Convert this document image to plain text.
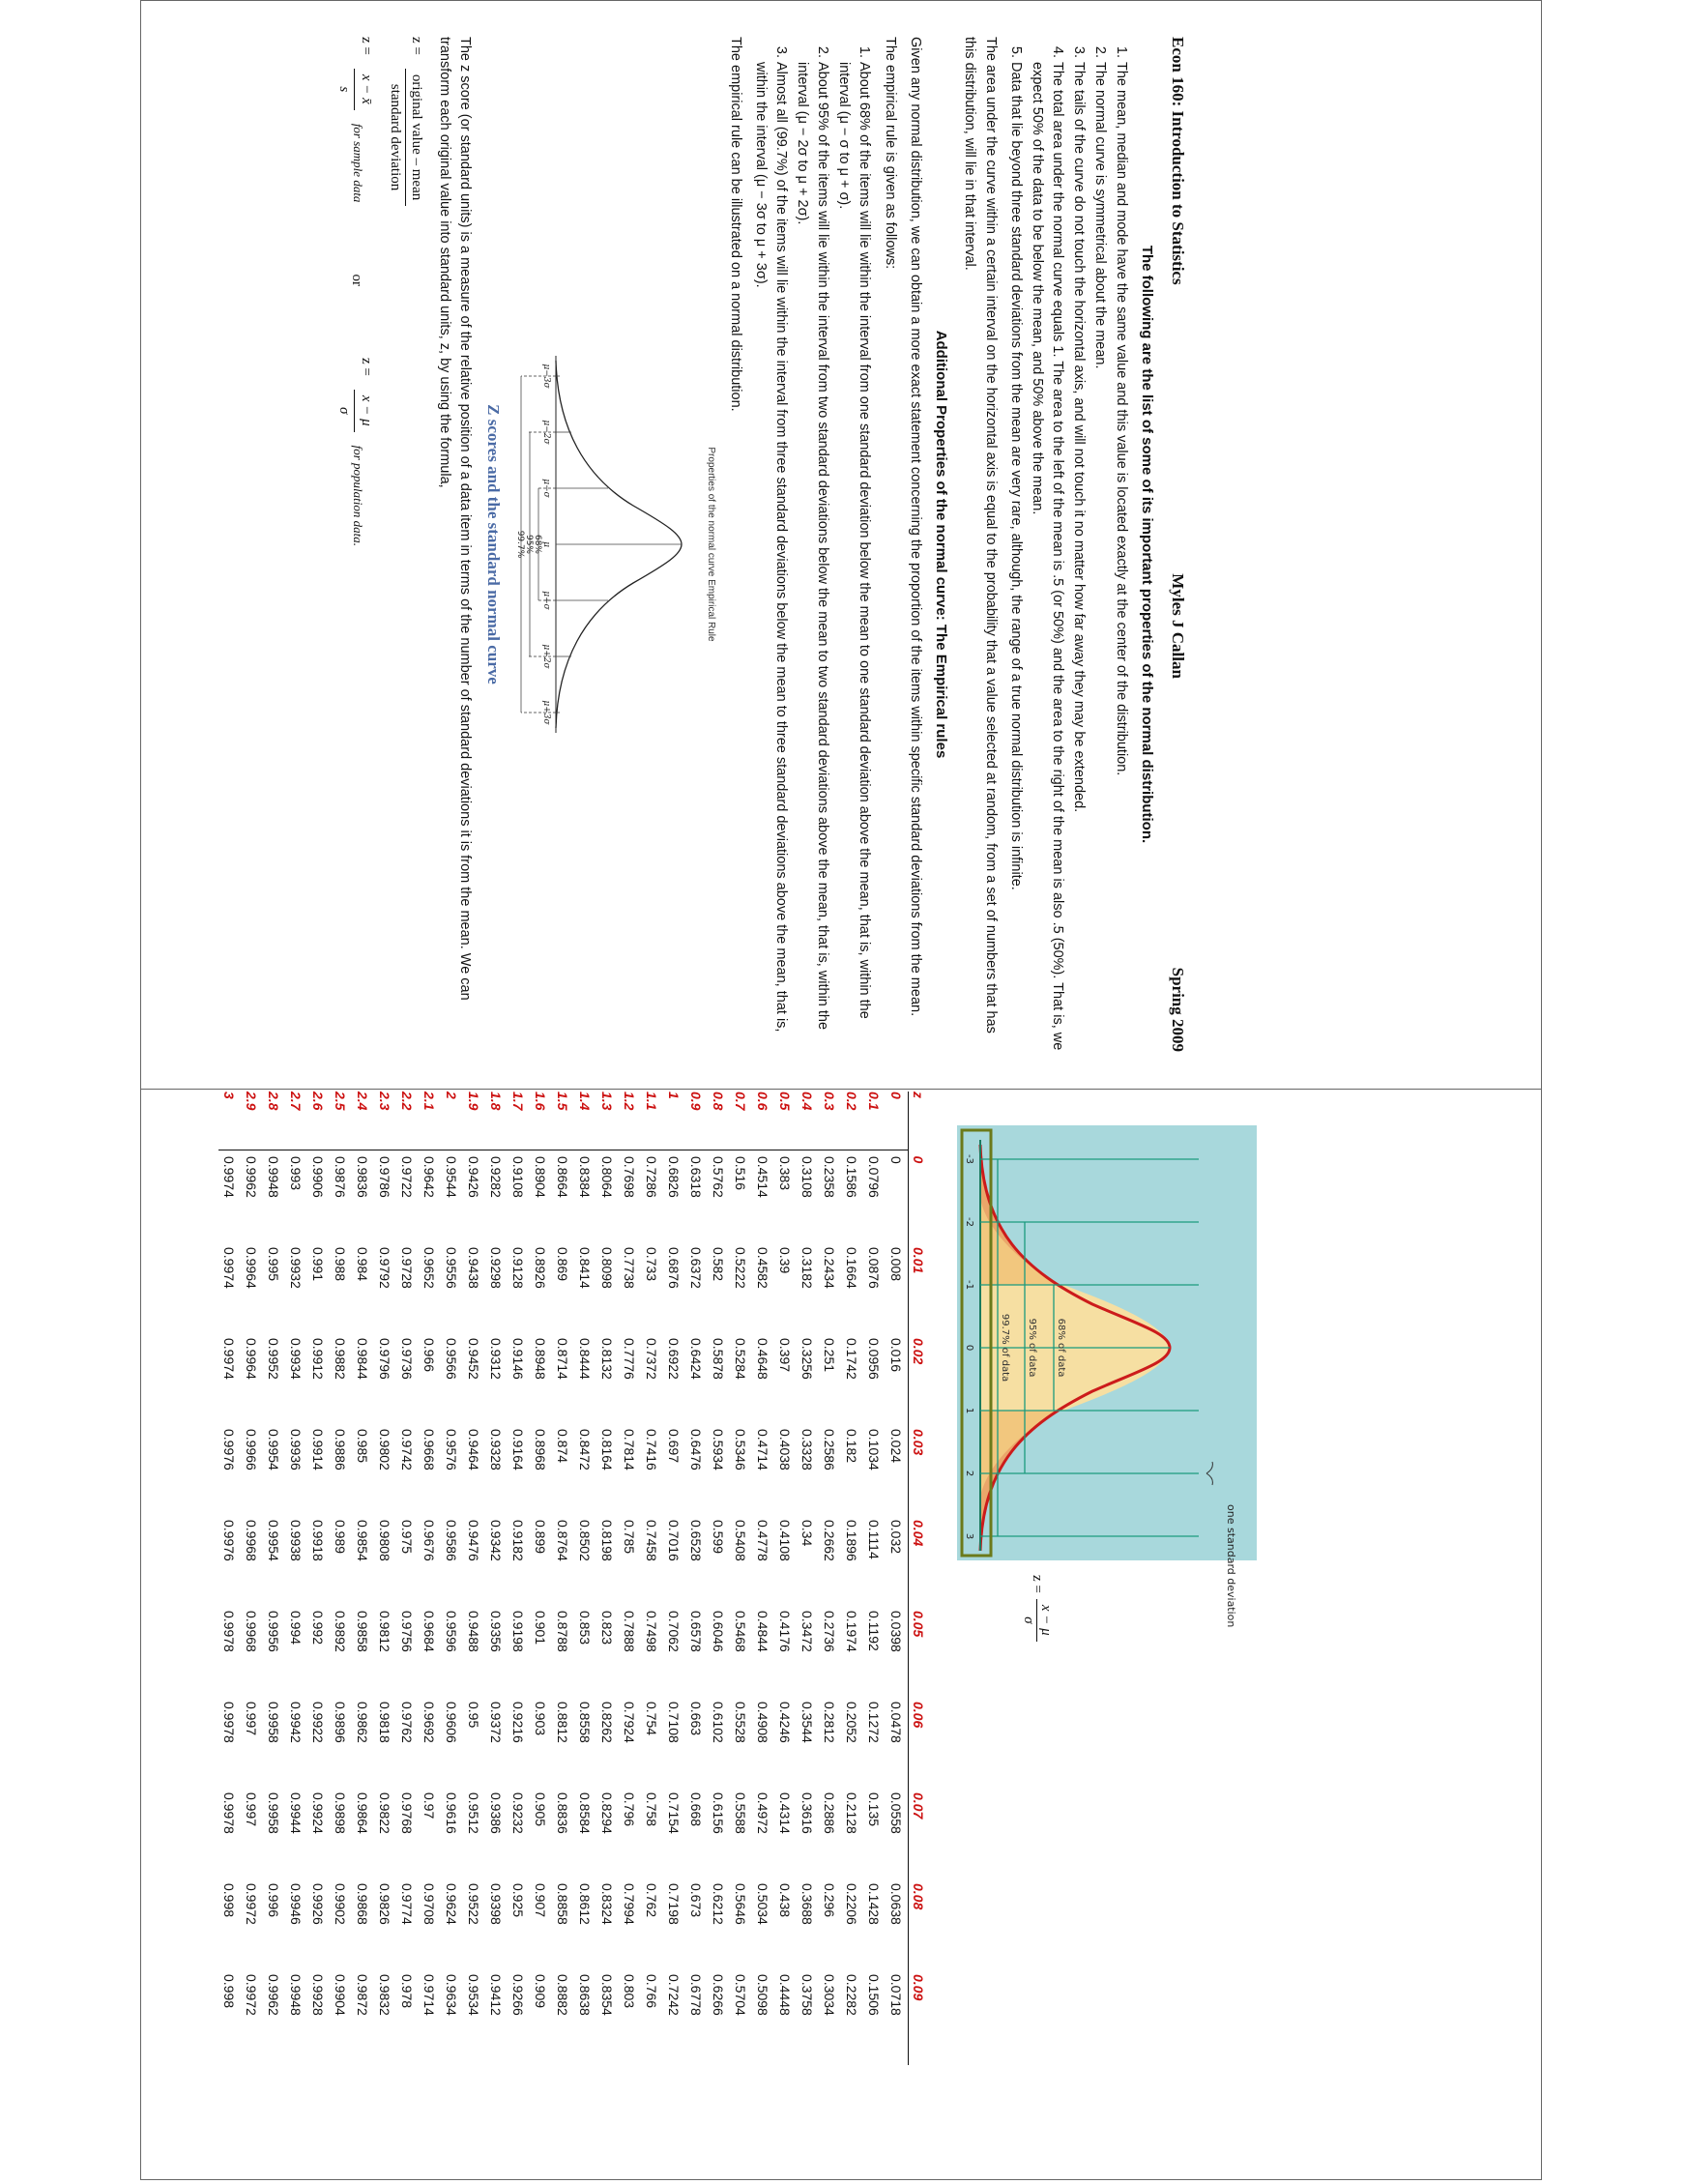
Econ 160: Introduction to Statistics
Myles J Callan
Spring 2009
The following are the list of some of its important properties of the normal distribution.
1. The mean, median and mode have the same value and this value is located exactly at the center of the distribution.
2. The normal curve is symmetrical about the mean.
3. The tails of the curve do not touch the horizontal axis, and will not touch it no matter how far away they may be extended.
4. The total area under the normal curve equals 1. The area to the left of the mean is .5 (or 50%) and the area to the right of the mean is also .5 (50%). That is, we expect 50% of the data to be below the mean, and 50% above the mean.
5. Data that lie beyond three standard deviations from the mean are very rare, although, the range of a true normal distribution is infinite.

The area under the curve within a certain interval on the horizontal axis is equal to the probability that a value selected at random, from a set of numbers that has this distribution, will lie in that interval.

Additional Properties of the normal curve: The Empirical rules

Given any normal distribution, we can obtain a more exact statement concerning the proportion of the items within specific standard deviations from the mean.

The empirical rule is given as follows:

1. About 68% of the items will lie within the interval from one standard deviation below the mean to one standard deviation above the mean, that is, within the interval (μ − σ to μ + σ).
2. About 95% of the items will lie within the interval from two standard deviations below the mean to two standard deviations above the mean, that is, within the interval (μ − 2σ to μ + 2σ).
3. Almost all (99.7%) of the items will lie within the interval from three standard deviations below the mean to three standard deviations above the mean, that is, within the interval (μ − 3σ to μ + 3σ).

The empirical rule can be illustrated on a normal distribution.

Properties of the normal curve Empirical Rule
μ−3σ
μ−2σ
μ−σ
μ
μ+σ
μ+2σ
μ+3σ
68%
95%
99.7%
Z scores and the standard normal curve

The z score (or standard units) is a measure of the relative position of a data item in terms of the number of standard deviations it is from the mean. We can transform each original value into standard units, z, by using the formula,

z =
original value – mean
standard deviation
z =
x − x̄
s
for sample data
or
z =
x − μ
σ
for population data.
one standard deviation
68% of data
95% of data
99.7% of data
-3
-2
-1
0
1
2
3
z =
x − μ
σ
z	0	0.01	0.02	0.03	0.04	0.05	0.06	0.07	0.08	0.09
0	0	0.008	0.016	0.024	0.032	0.0398	0.0478	0.0558	0.0638	0.0718
0.1	0.0796	0.0876	0.0956	0.1034	0.1114	0.1192	0.1272	0.135	0.1428	0.1506
0.2	0.1586	0.1664	0.1742	0.182	0.1896	0.1974	0.2052	0.2128	0.2206	0.2282
0.3	0.2358	0.2434	0.251	0.2586	0.2662	0.2736	0.2812	0.2886	0.296	0.3034
0.4	0.3108	0.3182	0.3256	0.3328	0.34	0.3472	0.3544	0.3616	0.3688	0.3758
0.5	0.383	0.39	0.397	0.4038	0.4108	0.4176	0.4246	0.4314	0.438	0.4448
0.6	0.4514	0.4582	0.4648	0.4714	0.4778	0.4844	0.4908	0.4972	0.5034	0.5098
0.7	0.516	0.5222	0.5284	0.5346	0.5408	0.5468	0.5528	0.5588	0.5646	0.5704
0.8	0.5762	0.582	0.5878	0.5934	0.599	0.6046	0.6102	0.6156	0.6212	0.6266
0.9	0.6318	0.6372	0.6424	0.6476	0.6528	0.6578	0.663	0.668	0.673	0.6778
1	0.6826	0.6876	0.6922	0.697	0.7016	0.7062	0.7108	0.7154	0.7198	0.7242
1.1	0.7286	0.733	0.7372	0.7416	0.7458	0.7498	0.754	0.758	0.762	0.766
1.2	0.7698	0.7738	0.7776	0.7814	0.785	0.7888	0.7924	0.796	0.7994	0.803
1.3	0.8064	0.8098	0.8132	0.8164	0.8198	0.823	0.8262	0.8294	0.8324	0.8354
1.4	0.8384	0.8414	0.8444	0.8472	0.8502	0.853	0.8558	0.8584	0.8612	0.8638
1.5	0.8664	0.869	0.8714	0.874	0.8764	0.8788	0.8812	0.8836	0.8858	0.8882
1.6	0.8904	0.8926	0.8948	0.8968	0.899	0.901	0.903	0.905	0.907	0.909
1.7	0.9108	0.9128	0.9146	0.9164	0.9182	0.9198	0.9216	0.9232	0.925	0.9266
1.8	0.9282	0.9298	0.9312	0.9328	0.9342	0.9356	0.9372	0.9386	0.9398	0.9412
1.9	0.9426	0.9438	0.9452	0.9464	0.9476	0.9488	0.95	0.9512	0.9522	0.9534
2	0.9544	0.9556	0.9566	0.9576	0.9586	0.9596	0.9606	0.9616	0.9624	0.9634
2.1	0.9642	0.9652	0.966	0.9668	0.9676	0.9684	0.9692	0.97	0.9708	0.9714
2.2	0.9722	0.9728	0.9736	0.9742	0.975	0.9756	0.9762	0.9768	0.9774	0.978
2.3	0.9786	0.9792	0.9796	0.9802	0.9808	0.9812	0.9818	0.9822	0.9826	0.9832
2.4	0.9836	0.984	0.9844	0.985	0.9854	0.9858	0.9862	0.9864	0.9868	0.9872
2.5	0.9876	0.988	0.9882	0.9886	0.989	0.9892	0.9896	0.9898	0.9902	0.9904
2.6	0.9906	0.991	0.9912	0.9914	0.9918	0.992	0.9922	0.9924	0.9926	0.9928
2.7	0.993	0.9932	0.9934	0.9936	0.9938	0.994	0.9942	0.9944	0.9946	0.9948
2.8	0.9948	0.995	0.9952	0.9954	0.9954	0.9956	0.9958	0.9958	0.996	0.9962
2.9	0.9962	0.9964	0.9964	0.9966	0.9968	0.9968	0.997	0.997	0.9972	0.9972
3	0.9974	0.9974	0.9974	0.9976	0.9976	0.9978	0.9978	0.9978	0.998	0.998
